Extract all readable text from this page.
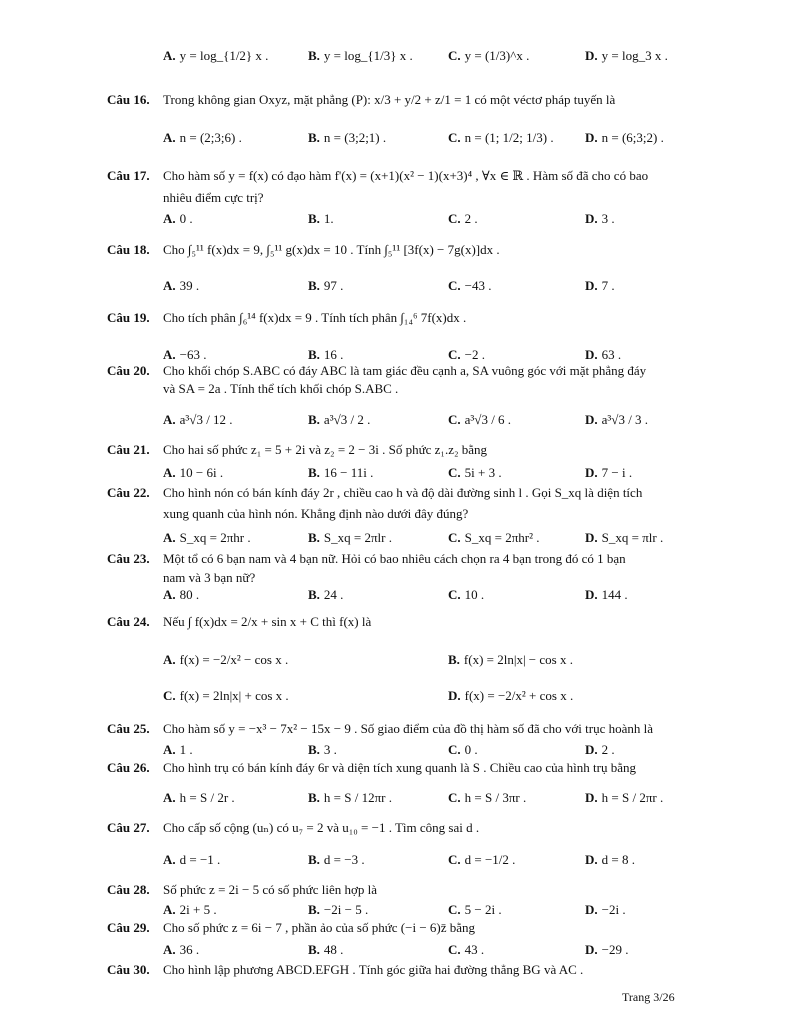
A. y = log_{1/2} x .	B. y = log_{1/3} x .	C. y = (1/3)^x .	D. y = log_3 x .
Câu 16. Trong không gian Oxyz, mặt phẳng (P): x/3 + y/2 + z/1 = 1 có một véctơ pháp tuyến là
A. n = (2;3;6) .	B. n = (3;2;1) .	C. n = (1; 1/2; 1/3) . D. n = (6;3;2) .
Câu 17. Cho hàm số y = f(x) có đạo hàm f'(x) = (x+1)(x² − 1)(x+3)⁴ , ∀x ∈ ℝ . Hàm số đã cho có bao
nhiêu điểm cực trị?
A. 0 .	B. 1.	C. 2 .	D. 3 .
Câu 18. Cho ∫₅¹¹ f(x)dx = 9, ∫₅¹¹ g(x)dx = 10 . Tính ∫₅¹¹ [3f(x) − 7g(x)]dx .
A. 39 .	B. 97 .	C. −43 .	D. 7 .
Câu 19. Cho tích phân ∫₆¹⁴ f(x)dx = 9 . Tính tích phân ∫₁₄⁶ 7f(x)dx .
A. −63 .	B. 16 .	C. −2 .	D. 63 .
Câu 20. Cho khối chóp S.ABC có đáy ABC là tam giác đều cạnh a, SA vuông góc với mặt phẳng đáy
và SA = 2a . Tính thể tích khối chóp S.ABC .
A. a³√3 / 12 .	B. a³√3 / 2 .	C. a³√3 / 6 .	D. a³√3 / 3 .
Câu 21. Cho hai số phức z₁ = 5 + 2i và z₂ = 2 − 3i . Số phức z₁.z₂ bằng
A. 10 − 6i .	B. 16 − 11i .	C. 5i + 3 .	D. 7 − i .
Câu 22. Cho hình nón có bán kính đáy 2r , chiều cao h và độ dài đường sinh l . Gọi S_xq là diện tích
xung quanh của hình nón. Khẳng định nào dưới đây đúng?
A. S_xq = 2πhr .	B. S_xq = 2πlr .	C. S_xq = 2πhr² .	D. S_xq = πlr .
Câu 23. Một tổ có 6 bạn nam và 4 bạn nữ. Hỏi có bao nhiêu cách chọn ra 4 bạn trong đó có 1 bạn
nam và 3 bạn nữ?
A. 80 .	B. 24 .	C. 10 .	D. 144 .
Câu 24. Nếu ∫ f(x)dx = 2/x + sin x + C thì f(x) là
A. f(x) = −2/x² − cos x .	B. f(x) = 2ln|x| − cos x .
C. f(x) = 2ln|x| + cos x .	D. f(x) = −2/x² + cos x .
Câu 25. Cho hàm số y = −x³ − 7x² − 15x − 9 . Số giao điểm của đồ thị hàm số đã cho với trục hoành là
A. 1 .	B. 3 .	C. 0 .	D. 2 .
Câu 26. Cho hình trụ có bán kính đáy 6r và diện tích xung quanh là S . Chiều cao của hình trụ bằng
A. h = S / 2r .	B. h = S / 12πr .	C. h = S / 3πr .	D. h = S / 2πr .
Câu 27. Cho cấp số cộng (uₙ) có u₇ = 2 và u₁₀ = −1 . Tìm công sai d .
A. d = −1 .	B. d = −3 .	C. d = −1/2 .	D. d = 8 .
Câu 28. Số phức z = 2i − 5 có số phức liên hợp là
A. 2i + 5 .	B. −2i − 5 .	C. 5 − 2i .	D. −2i .
Câu 29. Cho số phức z = 6i − 7 , phần ảo của số phức (−i − 6)z̄ bằng
A. 36 .	B. 48 .	C. 43 .	D. −29 .
Câu 30. Cho hình lập phương ABCD.EFGH . Tính góc giữa hai đường thẳng BG và AC .
Trang 3/26
